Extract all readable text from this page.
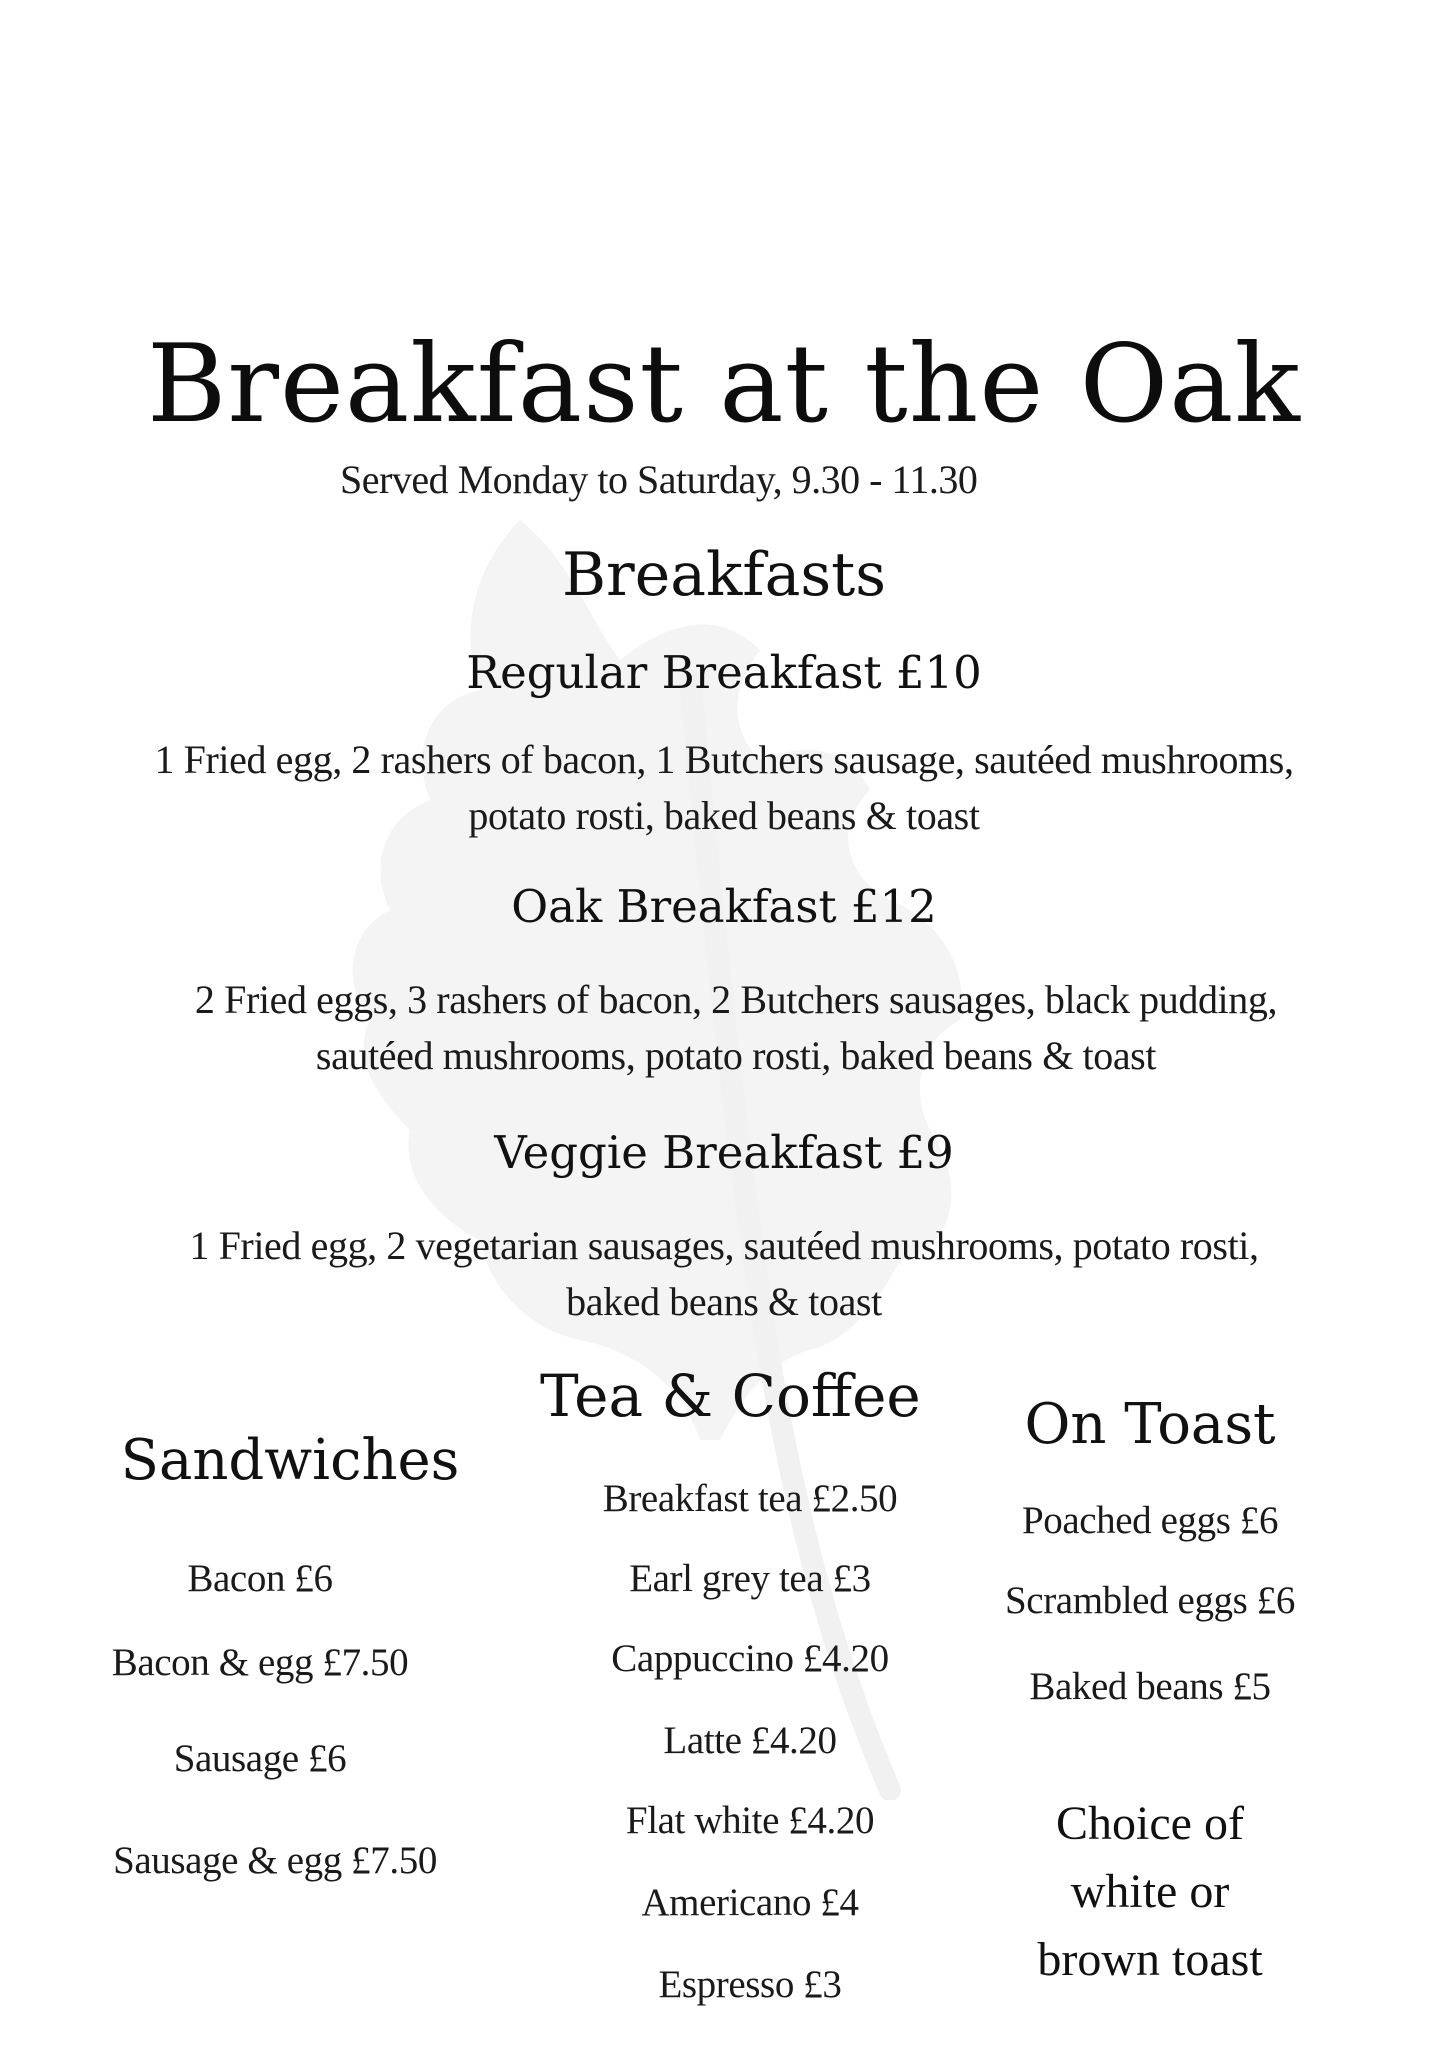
Breakfast at the Oak
Served Monday to Saturday, 9.30 - 11.30
Breakfasts
Regular Breakfast £10
1 Fried egg, 2 rashers of bacon, 1 Butchers sausage, sautéed mushrooms,
potato rosti, baked beans & toast
Oak Breakfast £12
2 Fried eggs, 3 rashers of bacon, 2 Butchers sausages, black pudding,
sautéed mushrooms, potato rosti, baked beans & toast
Veggie Breakfast £9
1 Fried egg, 2 vegetarian sausages, sautéed mushrooms, potato rosti,
baked beans & toast
Sandwiches
Bacon £6
Bacon & egg £7.50
Sausage £6
Sausage & egg £7.50
Tea & Coffee
Breakfast tea £2.50
Earl grey tea £3
Cappuccino £4.20
Latte £4.20
Flat white £4.20
Americano £4
Espresso £3
On Toast
Poached eggs £6
Scrambled eggs £6
Baked beans £5
Choice of
white or
brown toast
